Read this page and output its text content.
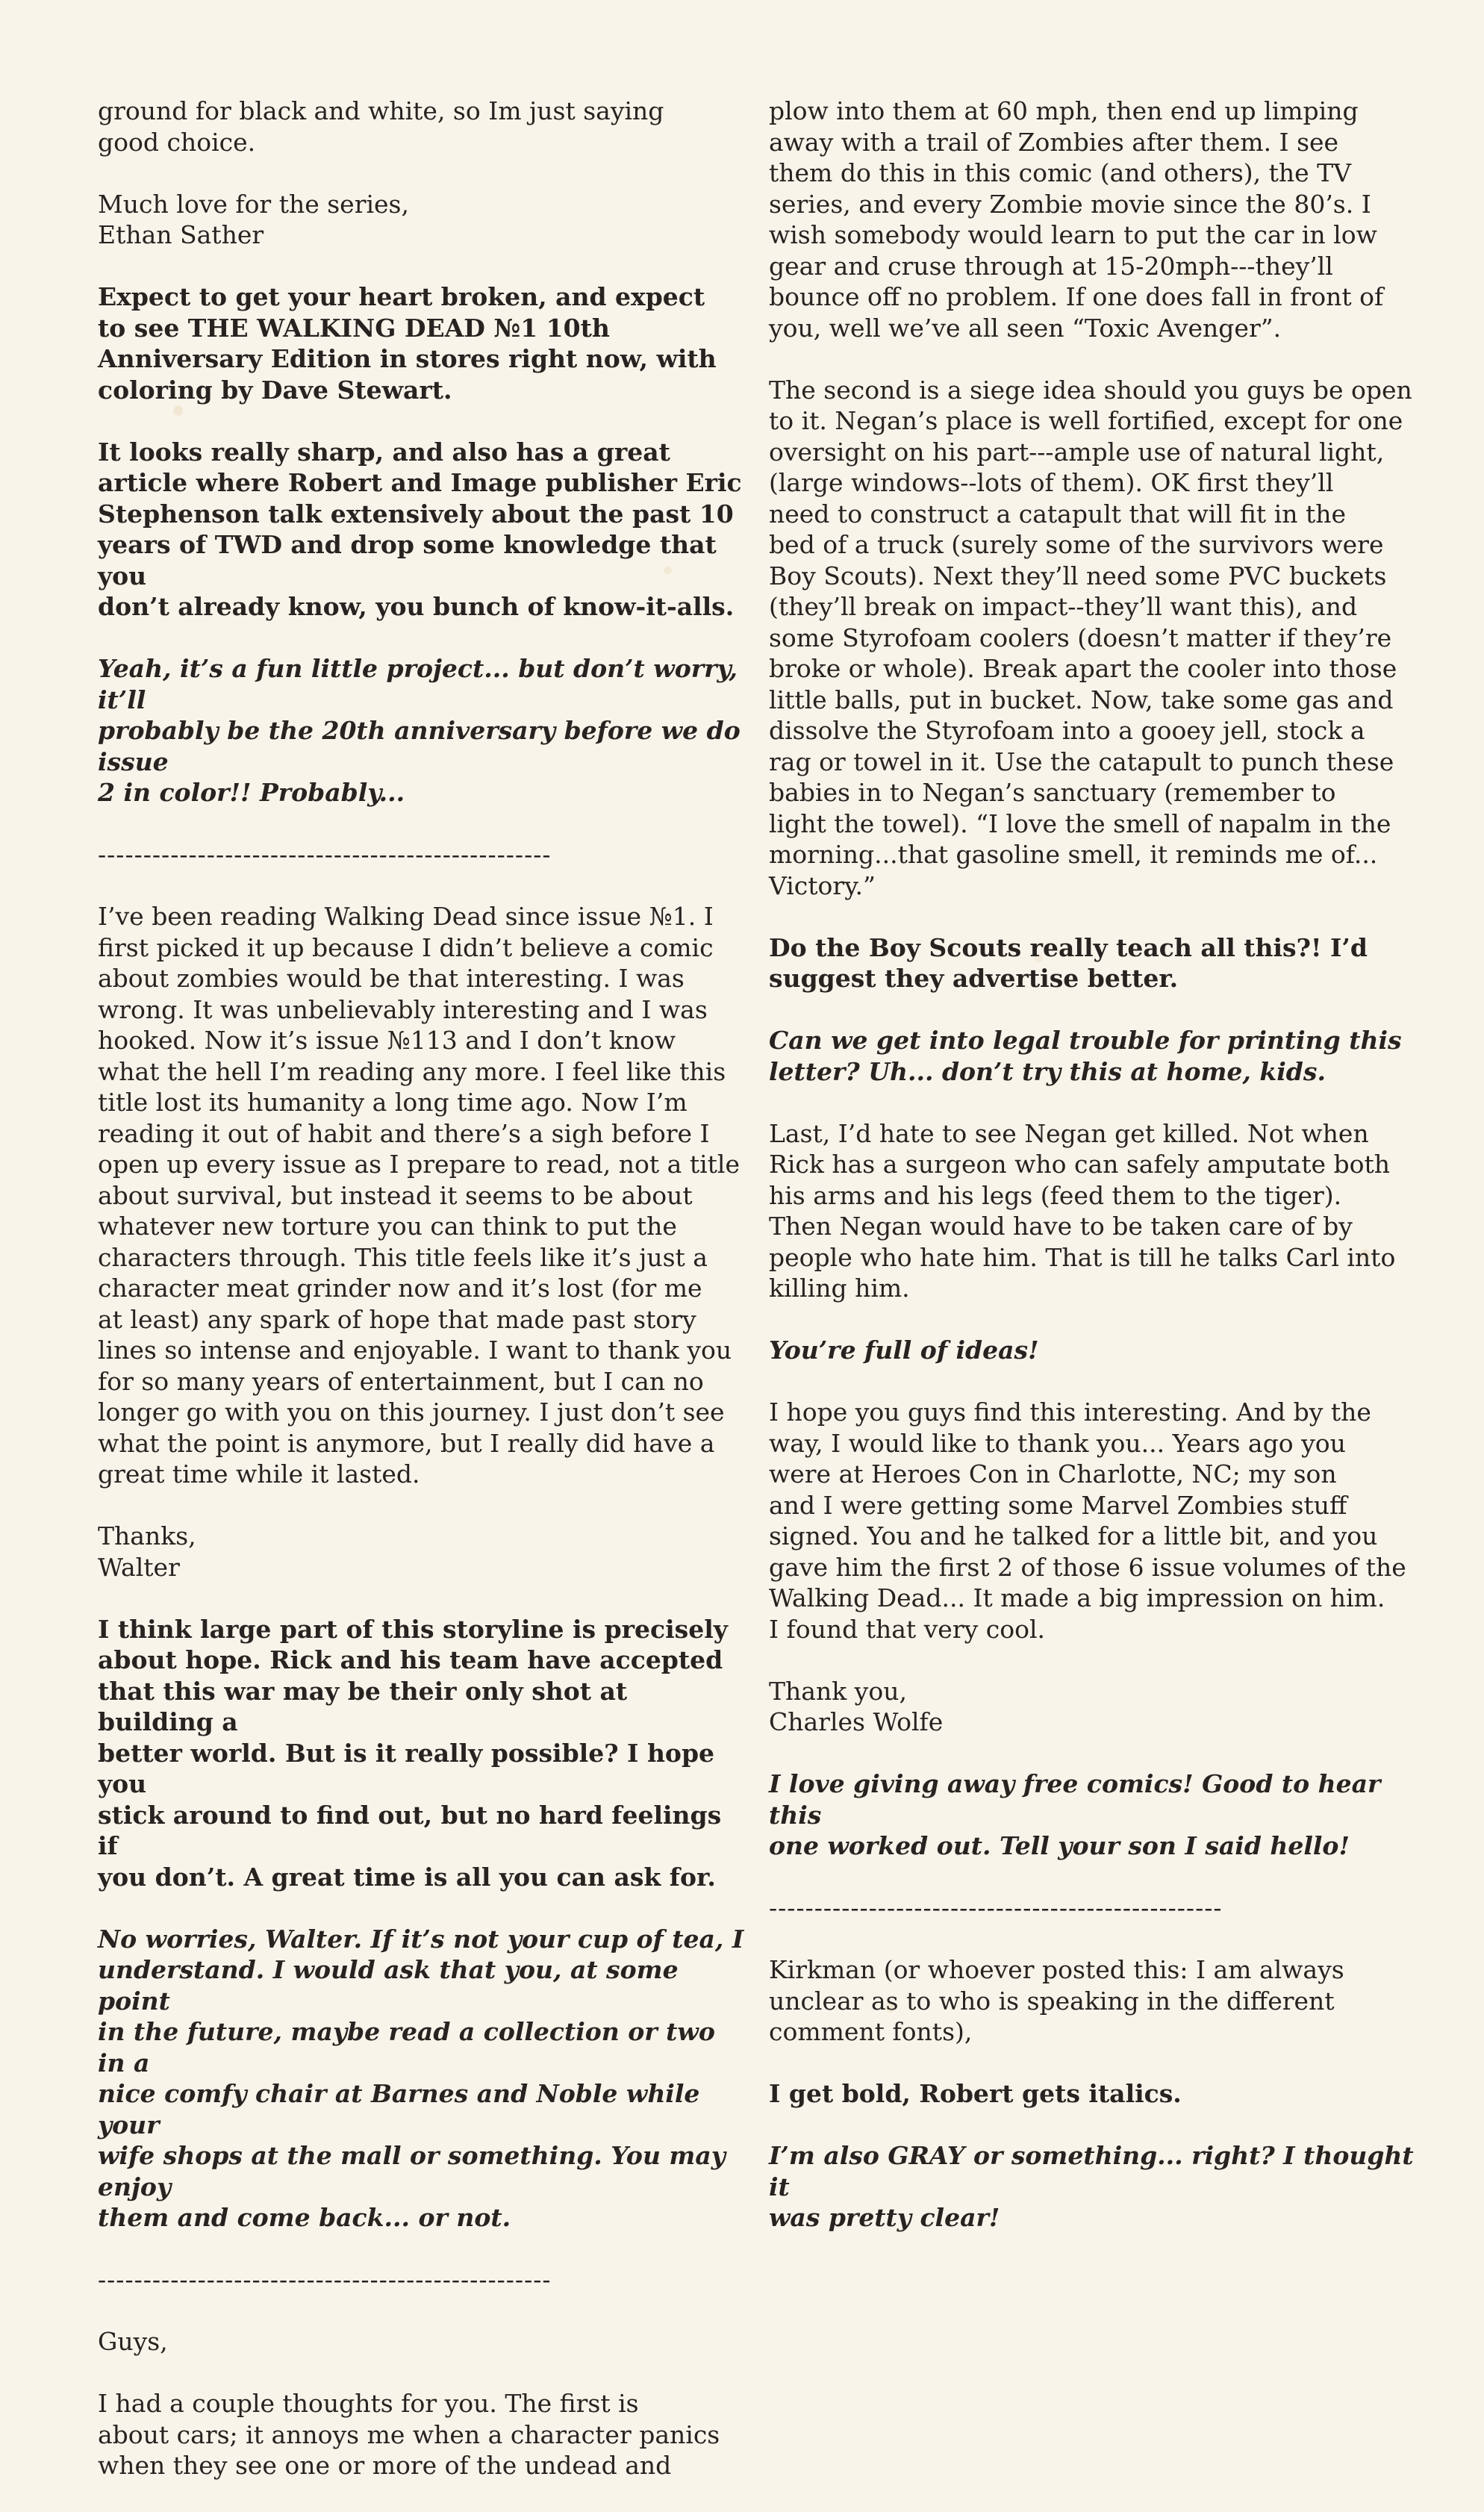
ground for black and white, so Im just saying
good choice.

Much love for the series,
Ethan Sather

Expect to get your heart broken, and expect
to see THE WALKING DEAD №1 10th
Anniversary Edition in stores right now, with
coloring by Dave Stewart.

It looks really sharp, and also has a great
article where Robert and Image publisher Eric
Stephenson talk extensively about the past 10
years of TWD and drop some knowledge that you
don’t already know, you bunch of know-it-alls.

Yeah, it’s a fun little project... but don’t worry, it’ll
probably be the 20th anniversary before we do issue
2 in color!! Probably...

--------------------------------------------------

I’ve been reading Walking Dead since issue №1. I
first picked it up because I didn’t believe a comic
about zombies would be that interesting. I was
wrong. It was unbelievably interesting and I was
hooked. Now it’s issue №113 and I don’t know
what the hell I’m reading any more. I feel like this
title lost its humanity a long time ago. Now I’m
reading it out of habit and there’s a sigh before I
open up every issue as I prepare to read, not a title
about survival, but instead it seems to be about
whatever new torture you can think to put the
characters through. This title feels like it’s just a
character meat grinder now and it’s lost (for me
at least) any spark of hope that made past story
lines so intense and enjoyable. I want to thank you
for so many years of entertainment, but I can no
longer go with you on this journey. I just don’t see
what the point is anymore, but I really did have a
great time while it lasted.

Thanks,
Walter

I think large part of this storyline is precisely
about hope. Rick and his team have accepted
that this war may be their only shot at building a
better world. But is it really possible? I hope you
stick around to find out, but no hard feelings if
you don’t. A great time is all you can ask for.

No worries, Walter. If it’s not your cup of tea, I
understand. I would ask that you, at some point
in the future, maybe read a collection or two in a
nice comfy chair at Barnes and Noble while your
wife shops at the mall or something. You may enjoy
them and come back... or not.

--------------------------------------------------

Guys,

I had a couple thoughts for you. The first is
about cars; it annoys me when a character panics
when they see one or more of the undead and

plow into them at 60 mph, then end up limping
away with a trail of Zombies after them. I see
them do this in this comic (and others), the TV
series, and every Zombie movie since the 80’s. I
wish somebody would learn to put the car in low
gear and cruse through at 15-20mph---they’ll
bounce off no problem. If one does fall in front of
you, well we’ve all seen “Toxic Avenger”.

The second is a siege idea should you guys be open
to it. Negan’s place is well fortified, except for one
oversight on his part---ample use of natural light,
(large windows--lots of them). OK first they’ll
need to construct a catapult that will fit in the
bed of a truck (surely some of the survivors were
Boy Scouts). Next they’ll need some PVC buckets
(they’ll break on impact--they’ll want this), and
some Styrofoam coolers (doesn’t matter if they’re
broke or whole). Break apart the cooler into those
little balls, put in bucket. Now, take some gas and
dissolve the Styrofoam into a gooey jell, stock a
rag or towel in it. Use the catapult to punch these
babies in to Negan’s sanctuary (remember to
light the towel). “I love the smell of napalm in the
morning...that gasoline smell, it reminds me of...
Victory.”

Do the Boy Scouts really teach all this?! I’d
suggest they advertise better.

Can we get into legal trouble for printing this
letter? Uh... don’t try this at home, kids.

Last, I’d hate to see Negan get killed. Not when
Rick has a surgeon who can safely amputate both
his arms and his legs (feed them to the tiger).
Then Negan would have to be taken care of by
people who hate him. That is till he talks Carl into
killing him.

You’re full of ideas!

I hope you guys find this interesting. And by the
way, I would like to thank you... Years ago you
were at Heroes Con in Charlotte, NC; my son
and I were getting some Marvel Zombies stuff
signed. You and he talked for a little bit, and you
gave him the first 2 of those 6 issue volumes of the
Walking Dead... It made a big impression on him.
I found that very cool.

Thank you,
Charles Wolfe

I love giving away free comics! Good to hear this
one worked out. Tell your son I said hello!

--------------------------------------------------

Kirkman (or whoever posted this: I am always
unclear as to who is speaking in the different
comment fonts),

I get bold, Robert gets italics.

I’m also GRAY or something... right? I thought it
was pretty clear!
